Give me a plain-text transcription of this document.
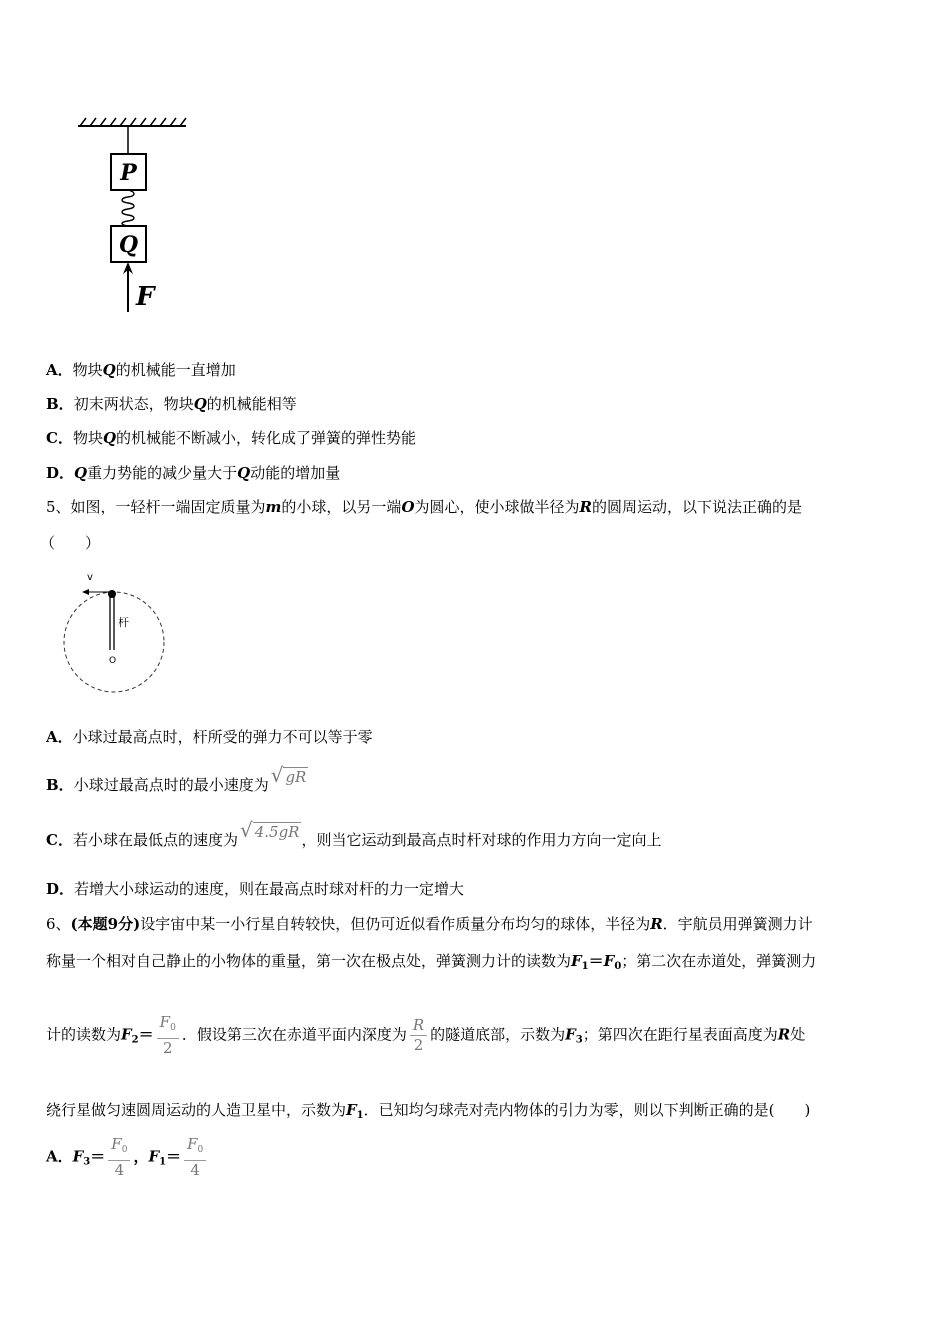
P
Q
F
A．物块Q的机械能一直增加
B．初末两状态，物块Q的机械能相等
C．物块Q的机械能不断减小，转化成了弹簧的弹性势能
D．Q重力势能的减少量大于Q动能的增加量
5、如图，一轻杆一端固定质量为m的小球，以另一端O为圆心，使小球做半径为R的圆周运动，以下说法正确的是
（　　）
v
杆
O
A．小球过最高点时，杆所受的弹力不可以等于零
B．小球过最高点时的最小速度为 √ gR
C．若小球在最低点的速度为 √ 4.5gR ，则当它运动到最高点时杆对球的作用力方向一定向上
D．若增大小球运动的速度，则在最高点时球对杆的力一定增大
6、(本题9分)设宇宙中某一小行星自转较快，但仍可近似看作质量分布均匀的球体，半径为R．宇航员用弹簧测力计
称量一个相对自己静止的小物体的重量，第一次在极点处，弹簧测力计的读数为$F_1=F_0$；第二次在赤道处，弹簧测力
计的读数为$F_2= \frac{F_0}{2}$ ．假设第三次在赤道平面内深度为 $\frac{R}{2}$ 的隧道底部，示数为$F_3$；第四次在距行星表面高度为R处
绕行星做匀速圆周运动的人造卫星中，示数为$F_1$．已知均匀球壳对壳内物体的引力为零，则以下判断正确的是(　　)
A．$F_3= \frac{F_0}{4}$ ，$F_1= \frac{F_0}{4}$
